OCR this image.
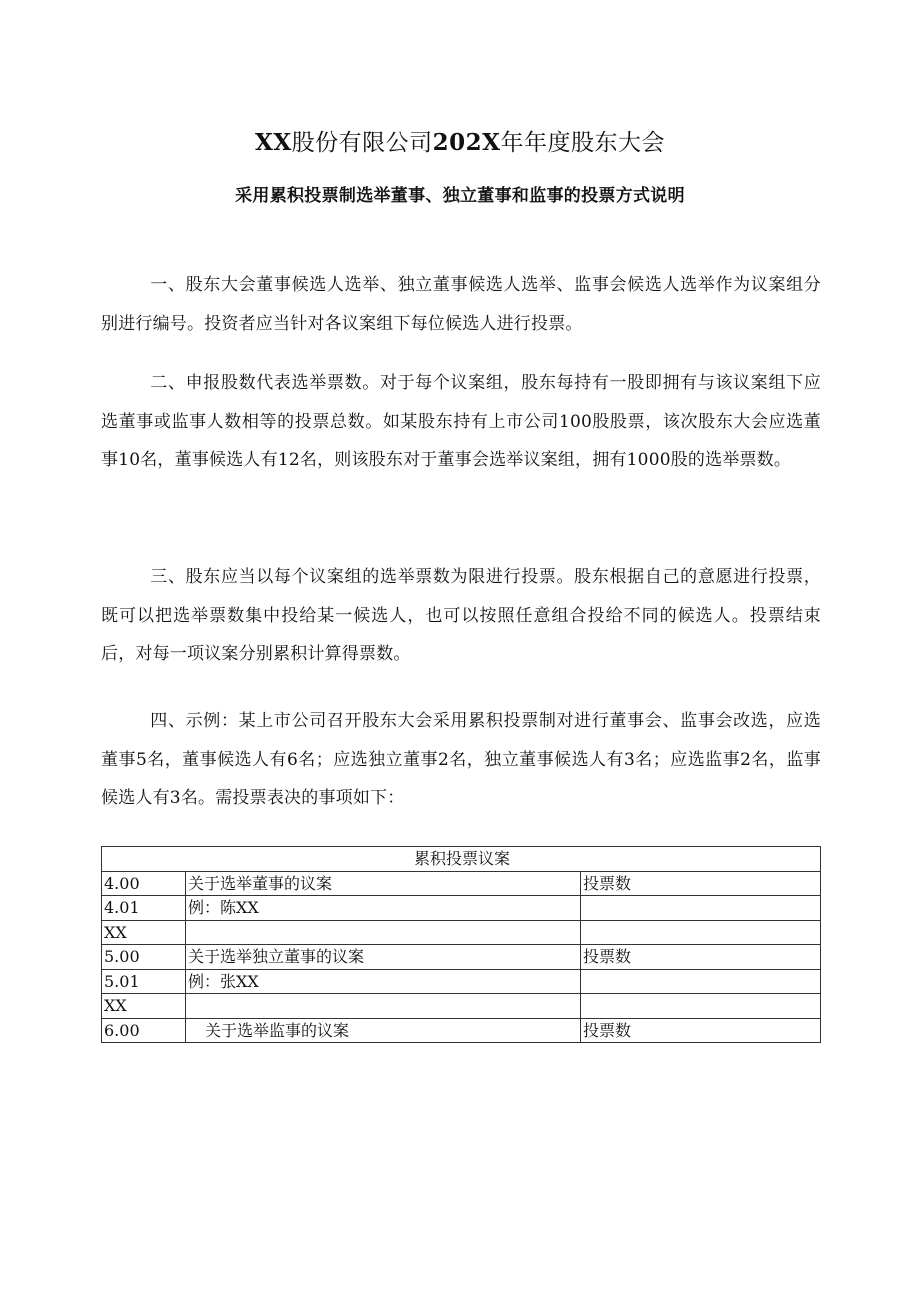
XX股份有限公司202X年年度股东大会
采用累积投票制选举董事、独立董事和监事的投票方式说明

一、股东大会董事候选人选举、独立董事候选人选举、监事会候选人选举作为议案组分别进行编号。投资者应当针对各议案组下每位候选人进行投票。

二、申报股数代表选举票数。对于每个议案组，股东每持有一股即拥有与该议案组下应选董事或监事人数相等的投票总数。如某股东持有上市公司100股股票，该次股东大会应选董事10名，董事候选人有12名，则该股东对于董事会选举议案组，拥有1000股的选举票数。

三、股东应当以每个议案组的选举票数为限进行投票。股东根据自己的意愿进行投票，既可以把选举票数集中投给某一候选人，也可以按照任意组合投给不同的候选人。投票结束后，对每一项议案分别累积计算得票数。

四、示例：某上市公司召开股东大会采用累积投票制对进行董事会、监事会改选，应选董事5名，董事候选人有6名；应选独立董事2名，独立董事候选人有3名；应选监事2名，监事候选人有3名。需投票表决的事项如下：

累积投票议案		
4.00	关于选举董事的议案	投票数
4.01	例：陈XX	
XX		
5.00	关于选举独立董事的议案	投票数
5.01	例：张XX	
XX		
6.00	关于选举监事的议案	投票数
